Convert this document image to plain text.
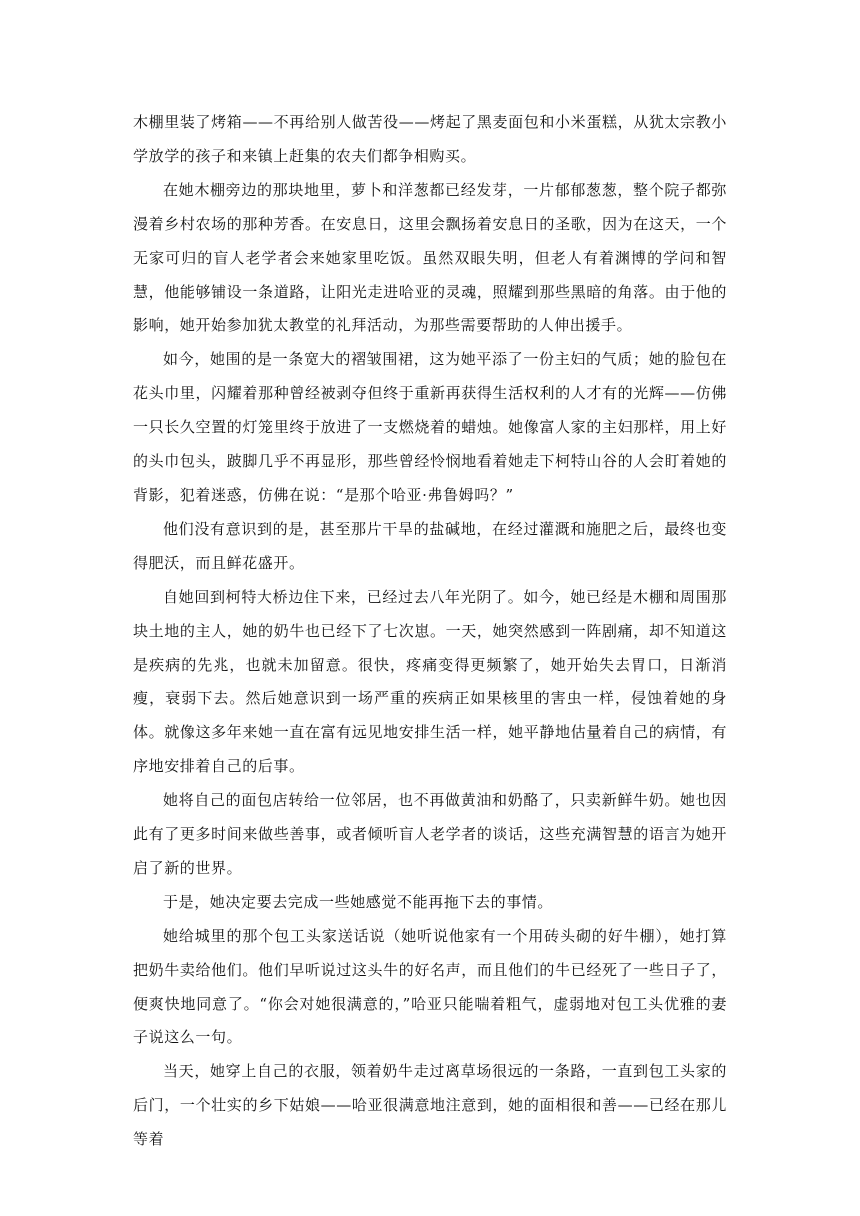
木棚里装了烤箱——不再给别人做苦役——烤起了黑麦面包和小米蛋糕，从犹太宗教小学放学的孩子和来镇上赶集的农夫们都争相购买。

在她木棚旁边的那块地里，萝卜和洋葱都已经发芽，一片郁郁葱葱，整个院子都弥漫着乡村农场的那种芳香。在安息日，这里会飘扬着安息日的圣歌，因为在这天，一个无家可归的盲人老学者会来她家里吃饭。虽然双眼失明，但老人有着渊博的学问和智慧，他能够铺设一条道路，让阳光走进哈亚的灵魂，照耀到那些黑暗的角落。由于他的影响，她开始参加犹太教堂的礼拜活动，为那些需要帮助的人伸出援手。

如今，她围的是一条宽大的褶皱围裙，这为她平添了一份主妇的气质；她的脸包在花头巾里，闪耀着那种曾经被剥夺但终于重新再获得生活权利的人才有的光辉——仿佛一只长久空置的灯笼里终于放进了一支燃烧着的蜡烛。她像富人家的主妇那样，用上好的头巾包头，跛脚几乎不再显形，那些曾经怜悯地看着她走下柯特山谷的人会盯着她的背影，犯着迷惑，仿佛在说：“是那个哈亚·弗鲁姆吗？”

他们没有意识到的是，甚至那片干旱的盐碱地，在经过灌溉和施肥之后，最终也变得肥沃，而且鲜花盛开。

自她回到柯特大桥边住下来，已经过去八年光阴了。如今，她已经是木棚和周围那块土地的主人，她的奶牛也已经下了七次崽。一天，她突然感到一阵剧痛，却不知道这是疾病的先兆，也就未加留意。很快，疼痛变得更频繁了，她开始失去胃口，日渐消瘦，衰弱下去。然后她意识到一场严重的疾病正如果核里的害虫一样，侵蚀着她的身体。就像这多年来她一直在富有远见地安排生活一样，她平静地估量着自己的病情，有序地安排着自己的后事。

她将自己的面包店转给一位邻居，也不再做黄油和奶酪了，只卖新鲜牛奶。她也因此有了更多时间来做些善事，或者倾听盲人老学者的谈话，这些充满智慧的语言为她开启了新的世界。

于是，她决定要去完成一些她感觉不能再拖下去的事情。

她给城里的那个包工头家送话说（她听说他家有一个用砖头砌的好牛棚），她打算把奶牛卖给他们。他们早听说过这头牛的好名声，而且他们的牛已经死了一些日子了，便爽快地同意了。“你会对她很满意的，”哈亚只能喘着粗气，虚弱地对包工头优雅的妻子说这么一句。

当天，她穿上自己的衣服，领着奶牛走过离草场很远的一条路，一直到包工头家的后门，一个壮实的乡下姑娘——哈亚很满意地注意到，她的面相很和善——已经在那儿等着
